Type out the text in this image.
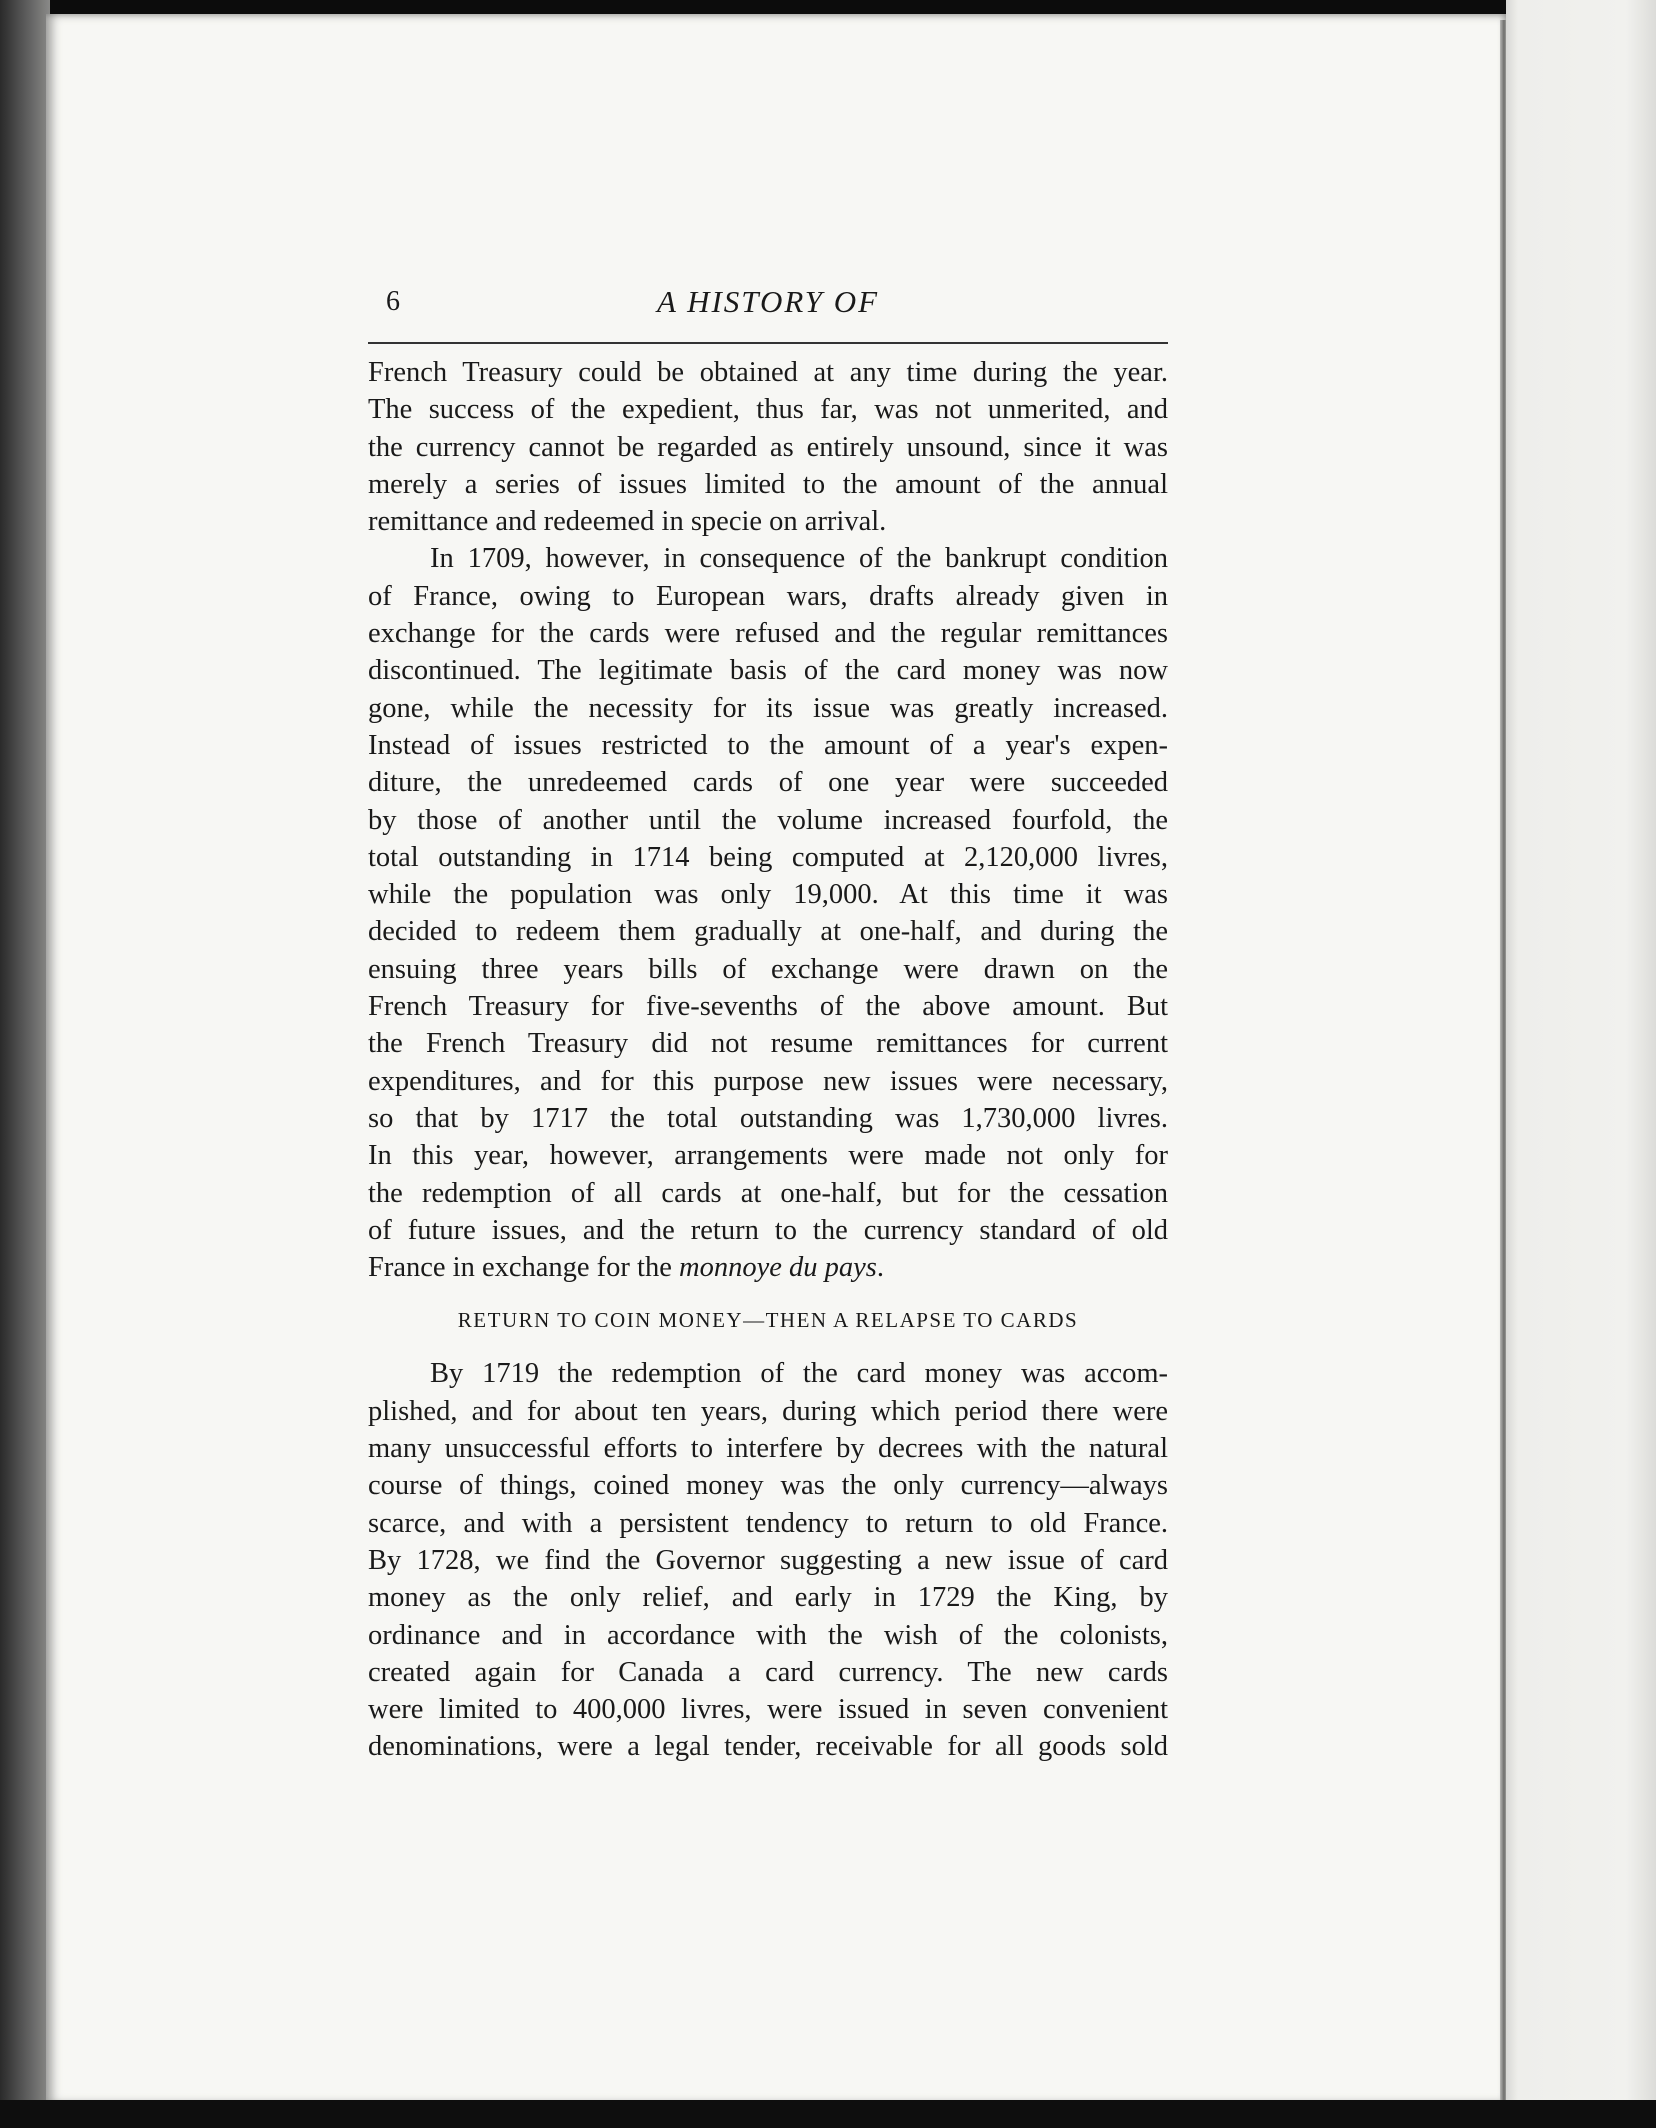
6	A HISTORY OF

French Treasury could be obtained at any time during the year.
The success of the expedient, thus far, was not unmerited, and
the currency cannot be regarded as entirely unsound, since it was
merely a series of issues limited to the amount of the annual
remittance and redeemed in specie on arrival.

In 1709, however, in consequence of the bankrupt condition
of France, owing to European wars, drafts already given in
exchange for the cards were refused and the regular remittances
discontinued. The legitimate basis of the card money was now
gone, while the necessity for its issue was greatly increased.
Instead of issues restricted to the amount of a year's expen-
diture, the unredeemed cards of one year were succeeded
by those of another until the volume increased fourfold, the
total outstanding in 1714 being computed at 2,120,000 livres,
while the population was only 19,000. At this time it was
decided to redeem them gradually at one-half, and during the
ensuing three years bills of exchange were drawn on the
French Treasury for five-sevenths of the above amount. But
the French Treasury did not resume remittances for current
expenditures, and for this purpose new issues were necessary,
so that by 1717 the total outstanding was 1,730,000 livres.
In this year, however, arrangements were made not only for
the redemption of all cards at one-half, but for the cessation
of future issues, and the return to the currency standard of old
France in exchange for the monnoye du pays.

RETURN TO COIN MONEY—THEN A RELAPSE TO CARDS

By 1719 the redemption of the card money was accom-
plished, and for about ten years, during which period there were
many unsuccessful efforts to interfere by decrees with the natural
course of things, coined money was the only currency—always
scarce, and with a persistent tendency to return to old France.
By 1728, we find the Governor suggesting a new issue of card
money as the only relief, and early in 1729 the King, by
ordinance and in accordance with the wish of the colonists,
created again for Canada a card currency. The new cards
were limited to 400,000 livres, were issued in seven convenient
denominations, were a legal tender, receivable for all goods sold
